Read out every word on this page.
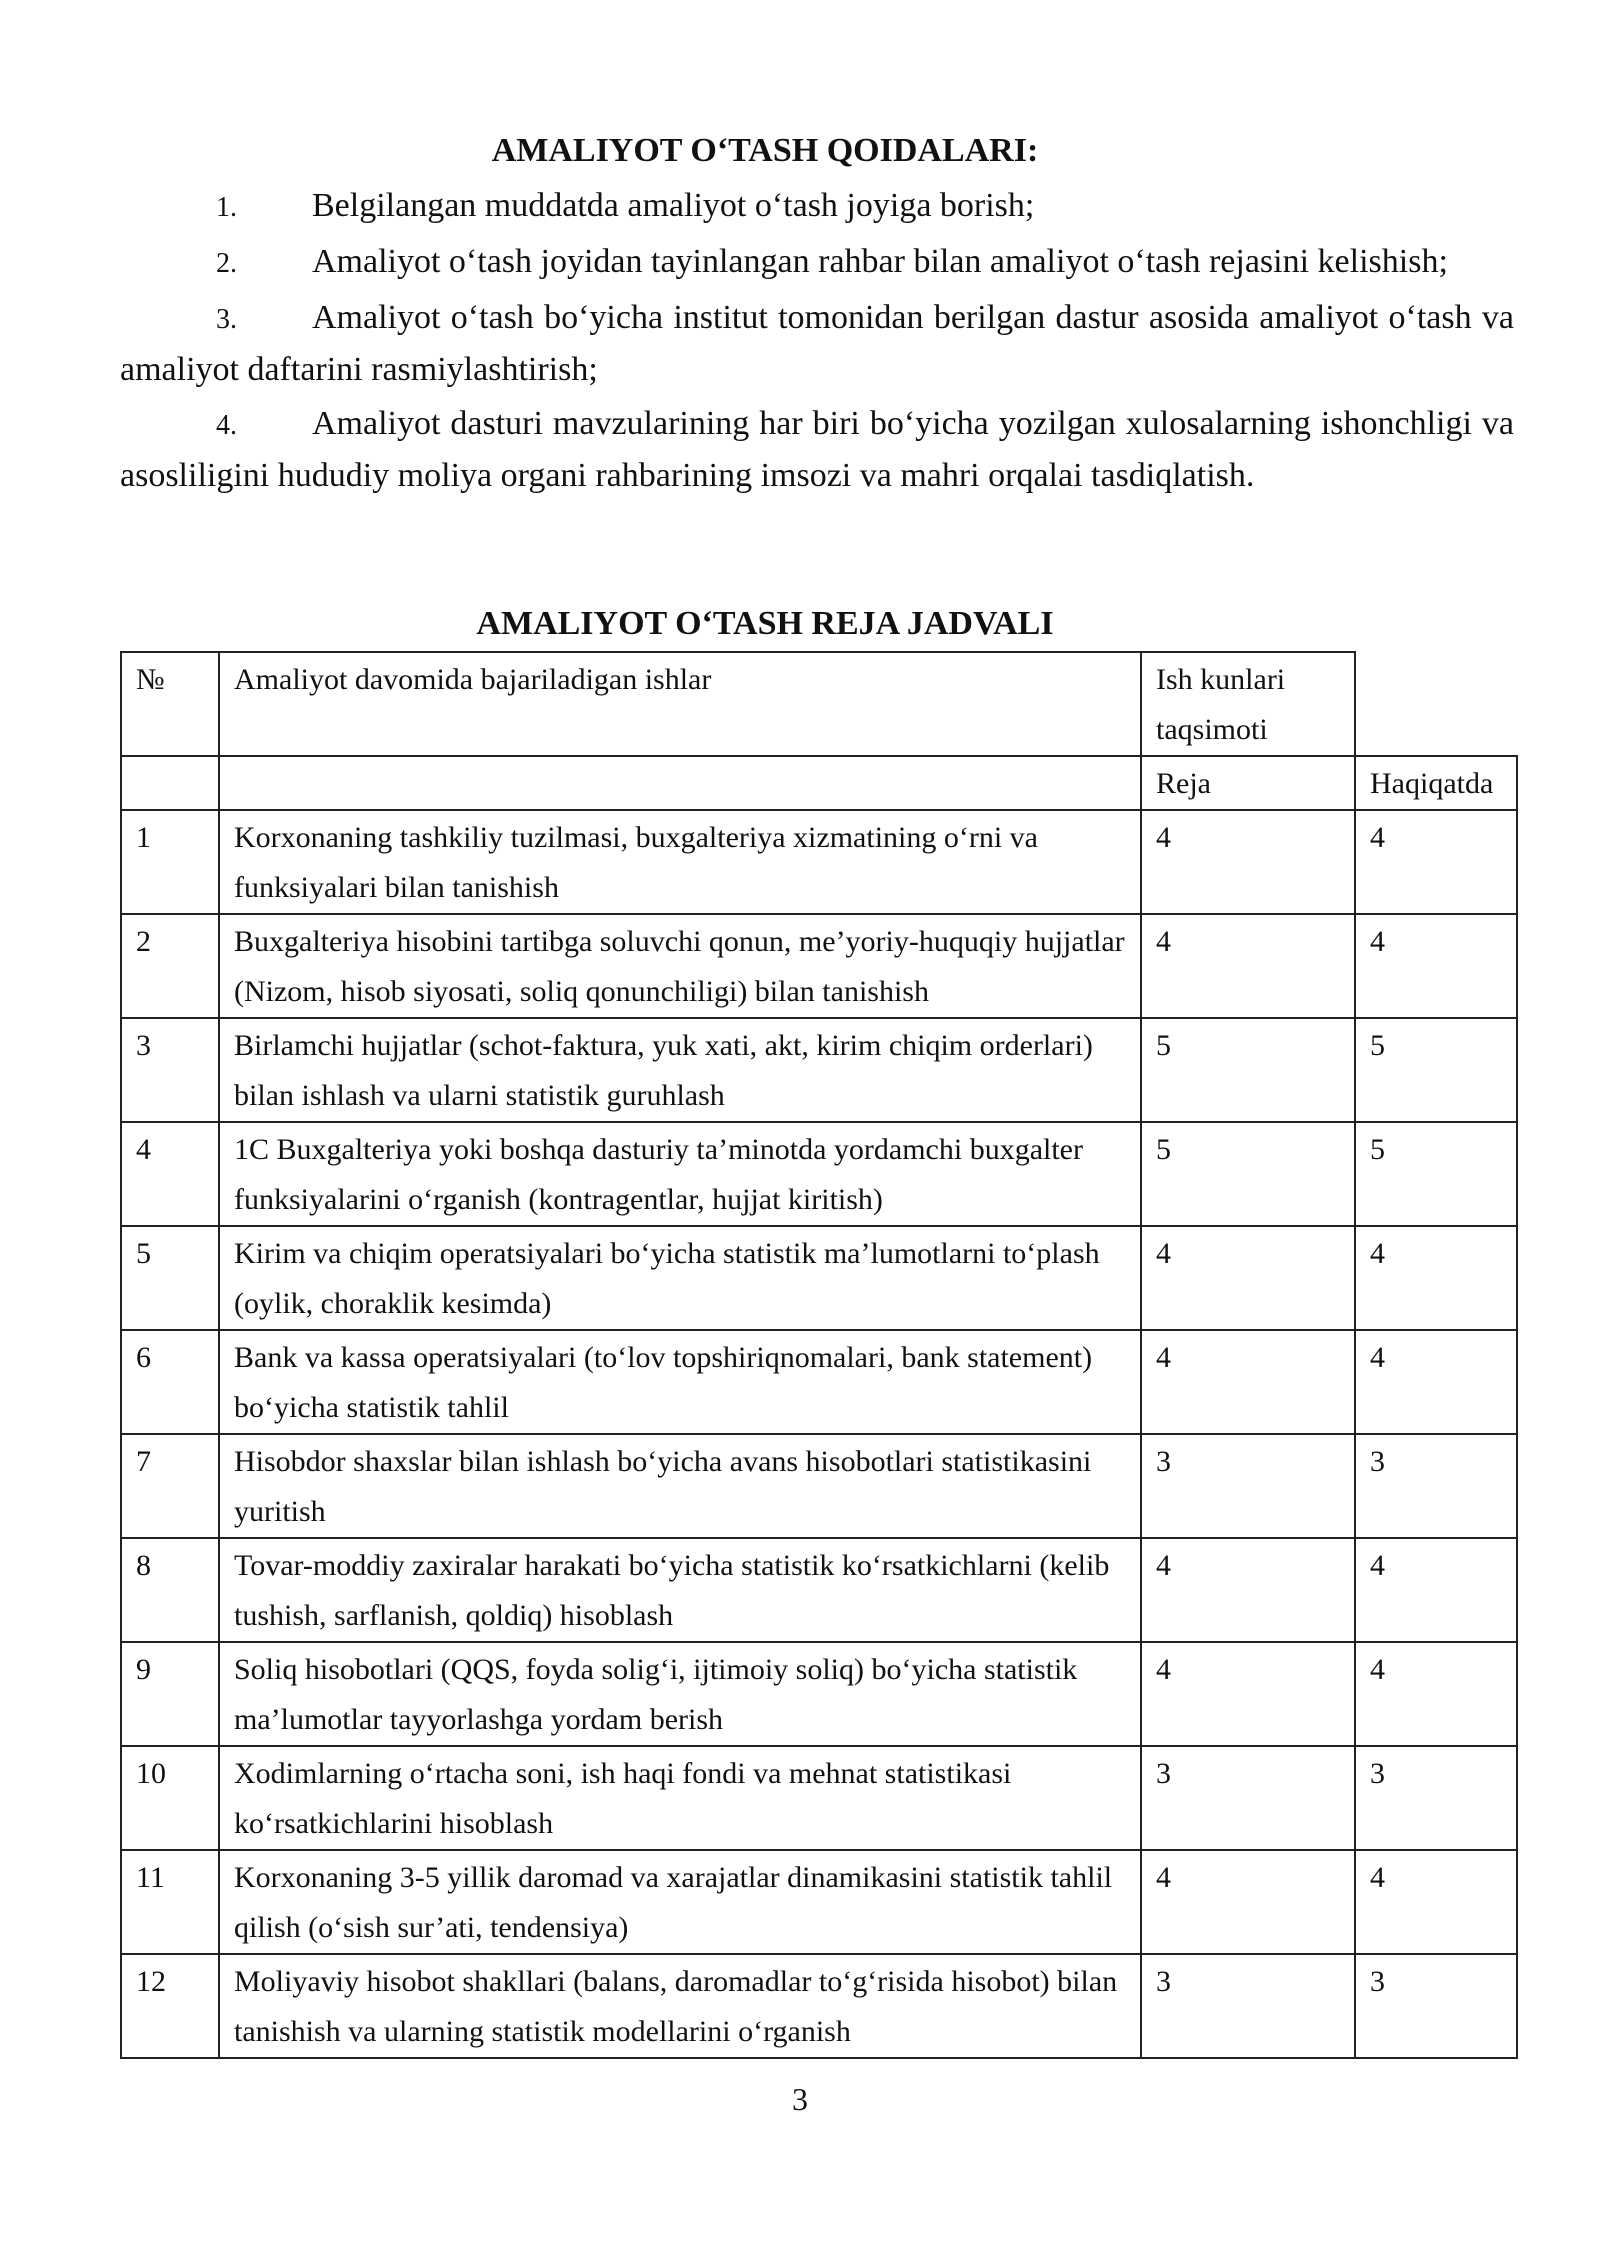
AMALIYOT O‘TASH QOIDALARI:
1. Belgilangan muddatda amaliyot o‘tash joyiga borish;
2. Amaliyot o‘tash joyidan tayinlangan rahbar bilan amaliyot o‘tash rejasini kelishish;
3. Amaliyot o‘tash bo‘yicha institut tomonidan berilgan dastur asosida amaliyot o‘tash va amaliyot daftarini rasmiylashtirish;
4. Amaliyot dasturi mavzularining har biri bo‘yicha yozilgan xulosalarning ishonchligi va asosliligini hududiy moliya organi rahbarining imsozi va mahri orqalai tasdiqlatish.
AMALIYOT O‘TASH REJA JADVALI
№	Amaliyot davomida bajariladigan ishlar	Ish kunlari taqsimoti	
		Reja	Haqiqatda
1	Korxonaning tashkiliy tuzilmasi, buxgalteriya xizmatining o‘rni va funksiyalari bilan tanishish	4	4
2	Buxgalteriya hisobini tartibga soluvchi qonun, me’yoriy-huquqiy hujjatlar (Nizom, hisob siyosati, soliq qonunchiligi) bilan tanishish	4	4
3	Birlamchi hujjatlar (schot-faktura, yuk xati, akt, kirim chiqim orderlari) bilan ishlash va ularni statistik guruhlash	5	5
4	1C Buxgalteriya yoki boshqa dasturiy ta’minotda yordamchi buxgalter funksiyalarini o‘rganish (kontragentlar, hujjat kiritish)	5	5
5	Kirim va chiqim operatsiyalari bo‘yicha statistik ma’lumotlarni to‘plash (oylik, choraklik kesimda)	4	4
6	Bank va kassa operatsiyalari (to‘lov topshiriqnomalari, bank statement) bo‘yicha statistik tahlil	4	4
7	Hisobdor shaxslar bilan ishlash bo‘yicha avans hisobotlari statistikasini yuritish	3	3
8	Tovar-moddiy zaxiralar harakati bo‘yicha statistik ko‘rsatkichlarni (kelib tushish, sarflanish, qoldiq) hisoblash	4	4
9	Soliq hisobotlari (QQS, foyda solig‘i, ijtimoiy soliq) bo‘yicha statistik ma’lumotlar tayyorlashga yordam berish	4	4
10	Xodimlarning o‘rtacha soni, ish haqi fondi va mehnat statistikasi ko‘rsatkichlarini hisoblash	3	3
11	Korxonaning 3-5 yillik daromad va xarajatlar dinamikasini statistik tahlil qilish (o‘sish sur’ati, tendensiya)	4	4
12	Moliyaviy hisobot shakllari (balans, daromadlar to‘g‘risida hisobot) bilan tanishish va ularning statistik modellarini o‘rganish	3	3
3
